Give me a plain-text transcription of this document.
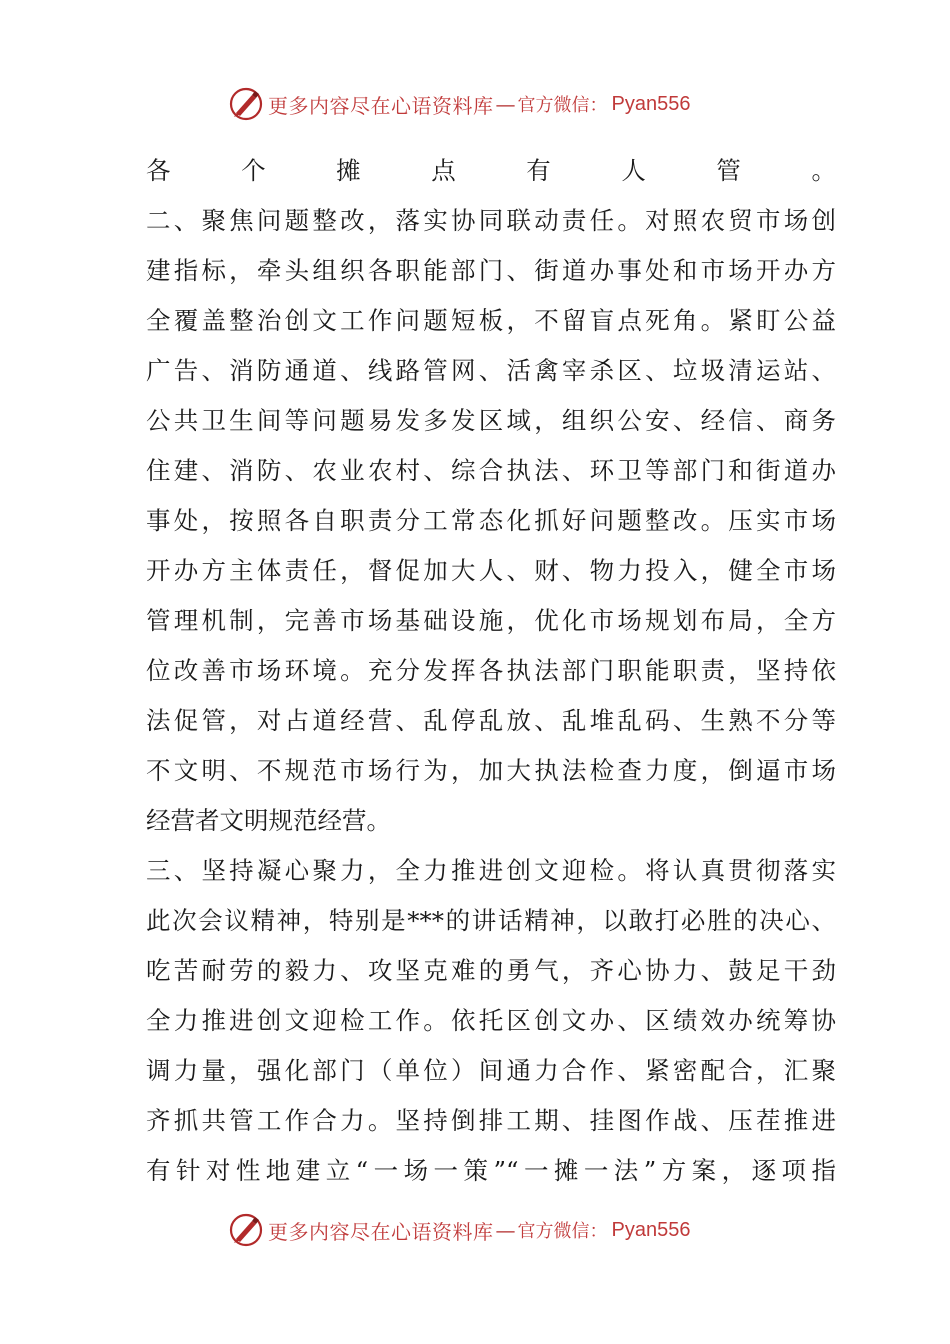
更多内容尽在心语资料库 — 官方微信： Pyan556
各个摊点有人管。
二、聚焦问题整改，落实协同联动责任。对照农贸市场创
建指标，牵头组织各职能部门、街道办事处和市场开办方
全覆盖整治创文工作问题短板，不留盲点死角。紧盯公益
广告、消防通道、线路管网、活禽宰杀区、垃圾清运站、
公共卫生间等问题易发多发区域，组织公安、经信、商务
住建、消防、农业农村、综合执法、环卫等部门和街道办
事处，按照各自职责分工常态化抓好问题整改。压实市场
开办方主体责任，督促加大人、财、物力投入，健全市场
管理机制，完善市场基础设施，优化市场规划布局，全方
位改善市场环境。充分发挥各执法部门职能职责，坚持依
法促管，对占道经营、乱停乱放、乱堆乱码、生熟不分等
不文明、不规范市场行为，加大执法检查力度，倒逼市场
经营者文明规范经营。
三、坚持凝心聚力，全力推进创文迎检。将认真贯彻落实
此次会议精神，特别是***的讲话精神，以敢打必胜的决心、
吃苦耐劳的毅力、攻坚克难的勇气，齐心协力、鼓足干劲
全力推进创文迎检工作。依托区创文办、区绩效办统筹协
调力量，强化部门（单位）间通力合作、紧密配合，汇聚
齐抓共管工作合力。坚持倒排工期、挂图作战、压茬推进
有针对性地建立“一场一策”“一摊一法”方案，逐项指
更多内容尽在心语资料库 — 官方微信： Pyan556
